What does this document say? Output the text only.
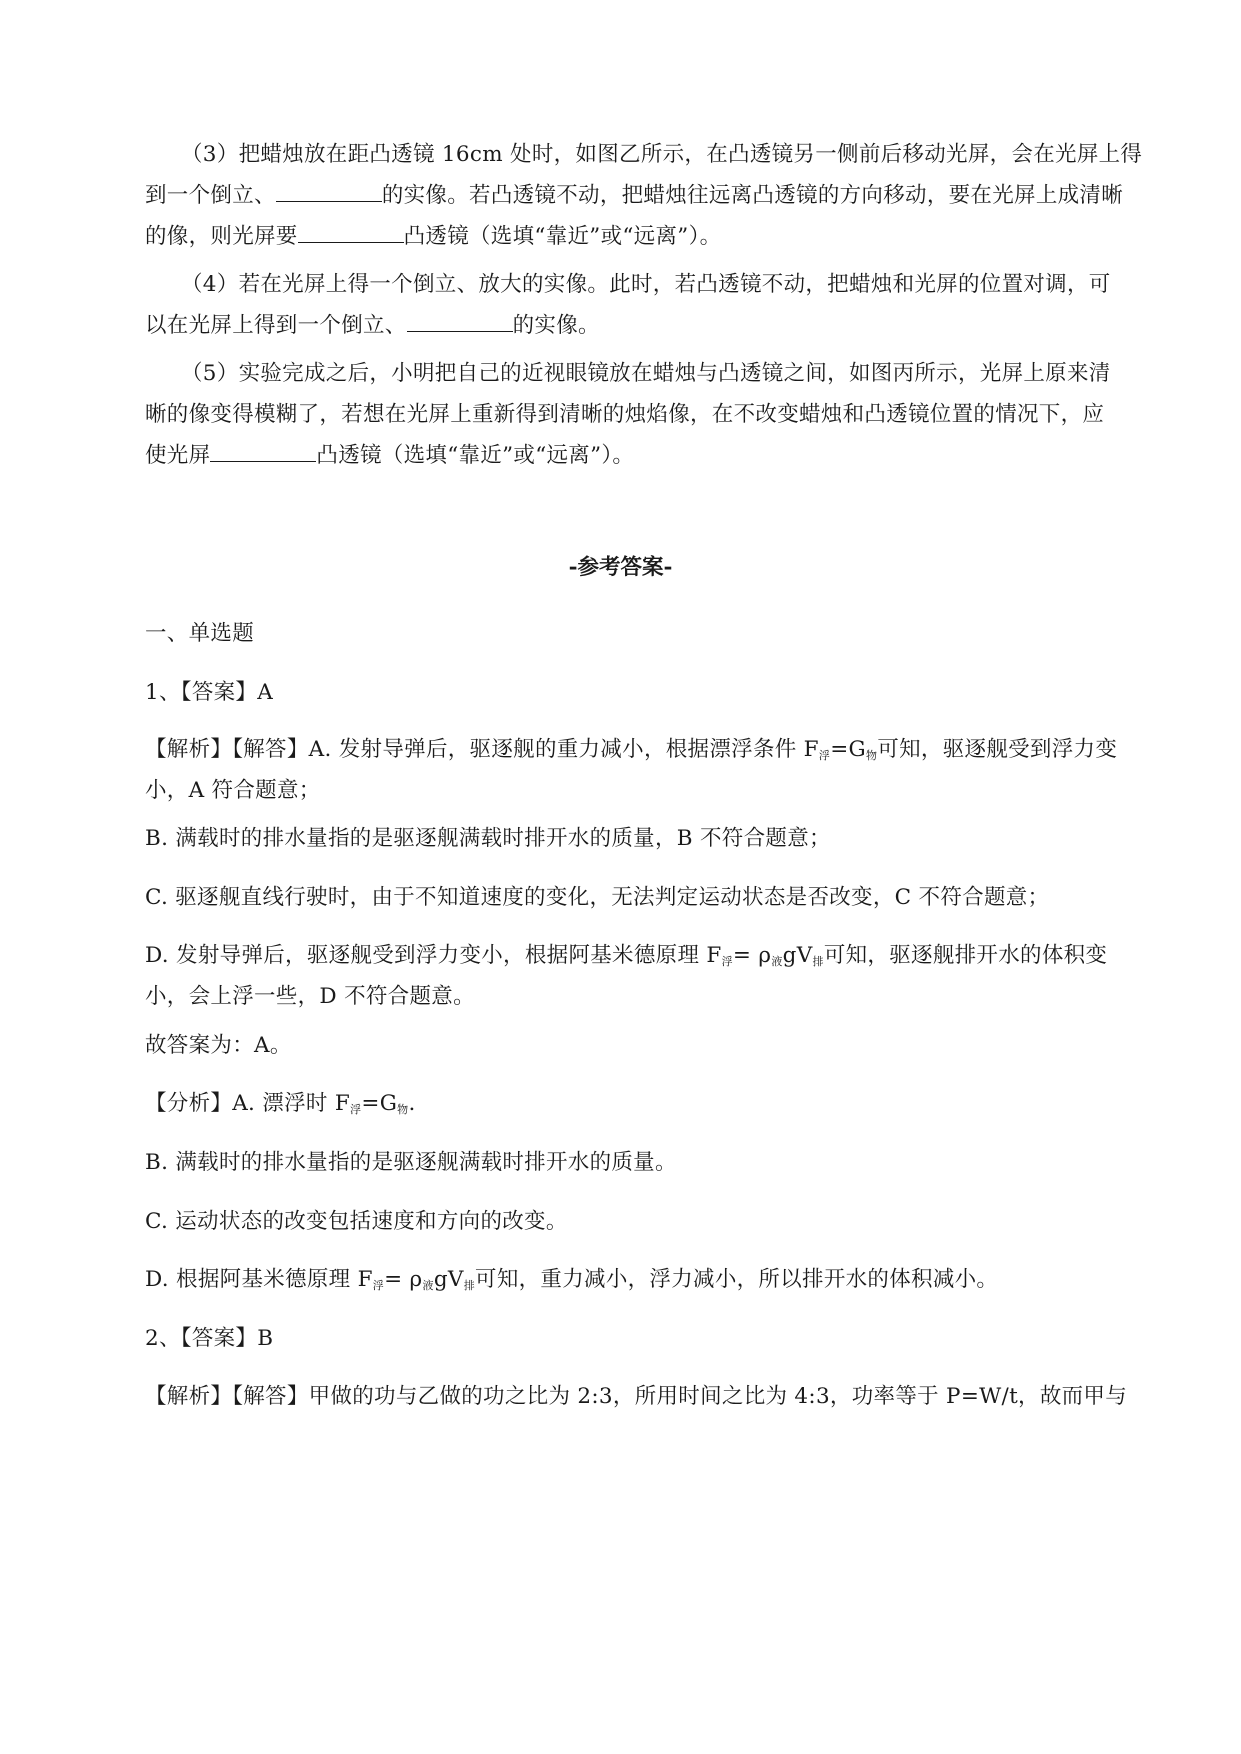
（3）把蜡烛放在距凸透镜 16cm 处时，如图乙所示，在凸透镜另一侧前后移动光屏，会在光屏上得
到一个倒立、	的实像。若凸透镜不动，把蜡烛往远离凸透镜的方向移动，要在光屏上成清晰
的像，则光屏要	凸透镜（选填“靠近”或“远离”）。
（4）若在光屏上得一个倒立、放大的实像。此时，若凸透镜不动，把蜡烛和光屏的位置对调，可
以在光屏上得到一个倒立、	的实像。
（5）实验完成之后，小明把自己的近视眼镜放在蜡烛与凸透镜之间，如图丙所示，光屏上原来清
晰的像变得模糊了，若想在光屏上重新得到清晰的烛焰像，在不改变蜡烛和凸透镜位置的情况下，应
使光屏	凸透镜（选填“靠近”或“远离”）。
-参考答案-
一、单选题
1、【答案】A
【解析】【解答】A. 发射导弹后，驱逐舰的重力减小，根据漂浮条件 $F_浮=G_物$可知，驱逐舰受到浮力变
小，A 符合题意；
B. 满载时的排水量指的是驱逐舰满载时排开水的质量，B 不符合题意；
C. 驱逐舰直线行驶时，由于不知道速度的变化，无法判定运动状态是否改变，C 不符合题意；
D. 发射导弹后，驱逐舰受到浮力变小，根据阿基米德原理 $F_浮= \rho_液gV_排$可知，驱逐舰排开水的体积变
小，会上浮一些，D 不符合题意。
故答案为：A。
【分析】A. 漂浮时 $F_浮=G_物$.
B. 满载时的排水量指的是驱逐舰满载时排开水的质量。
C. 运动状态的改变包括速度和方向的改变。
D. 根据阿基米德原理 $F_浮= \rho_液gV_排$可知，重力减小，浮力减小，所以排开水的体积减小。
2、【答案】B
【解析】【解答】甲做的功与乙做的功之比为 2:3，所用时间之比为 4:3，功率等于 P=W/t，故而甲与
